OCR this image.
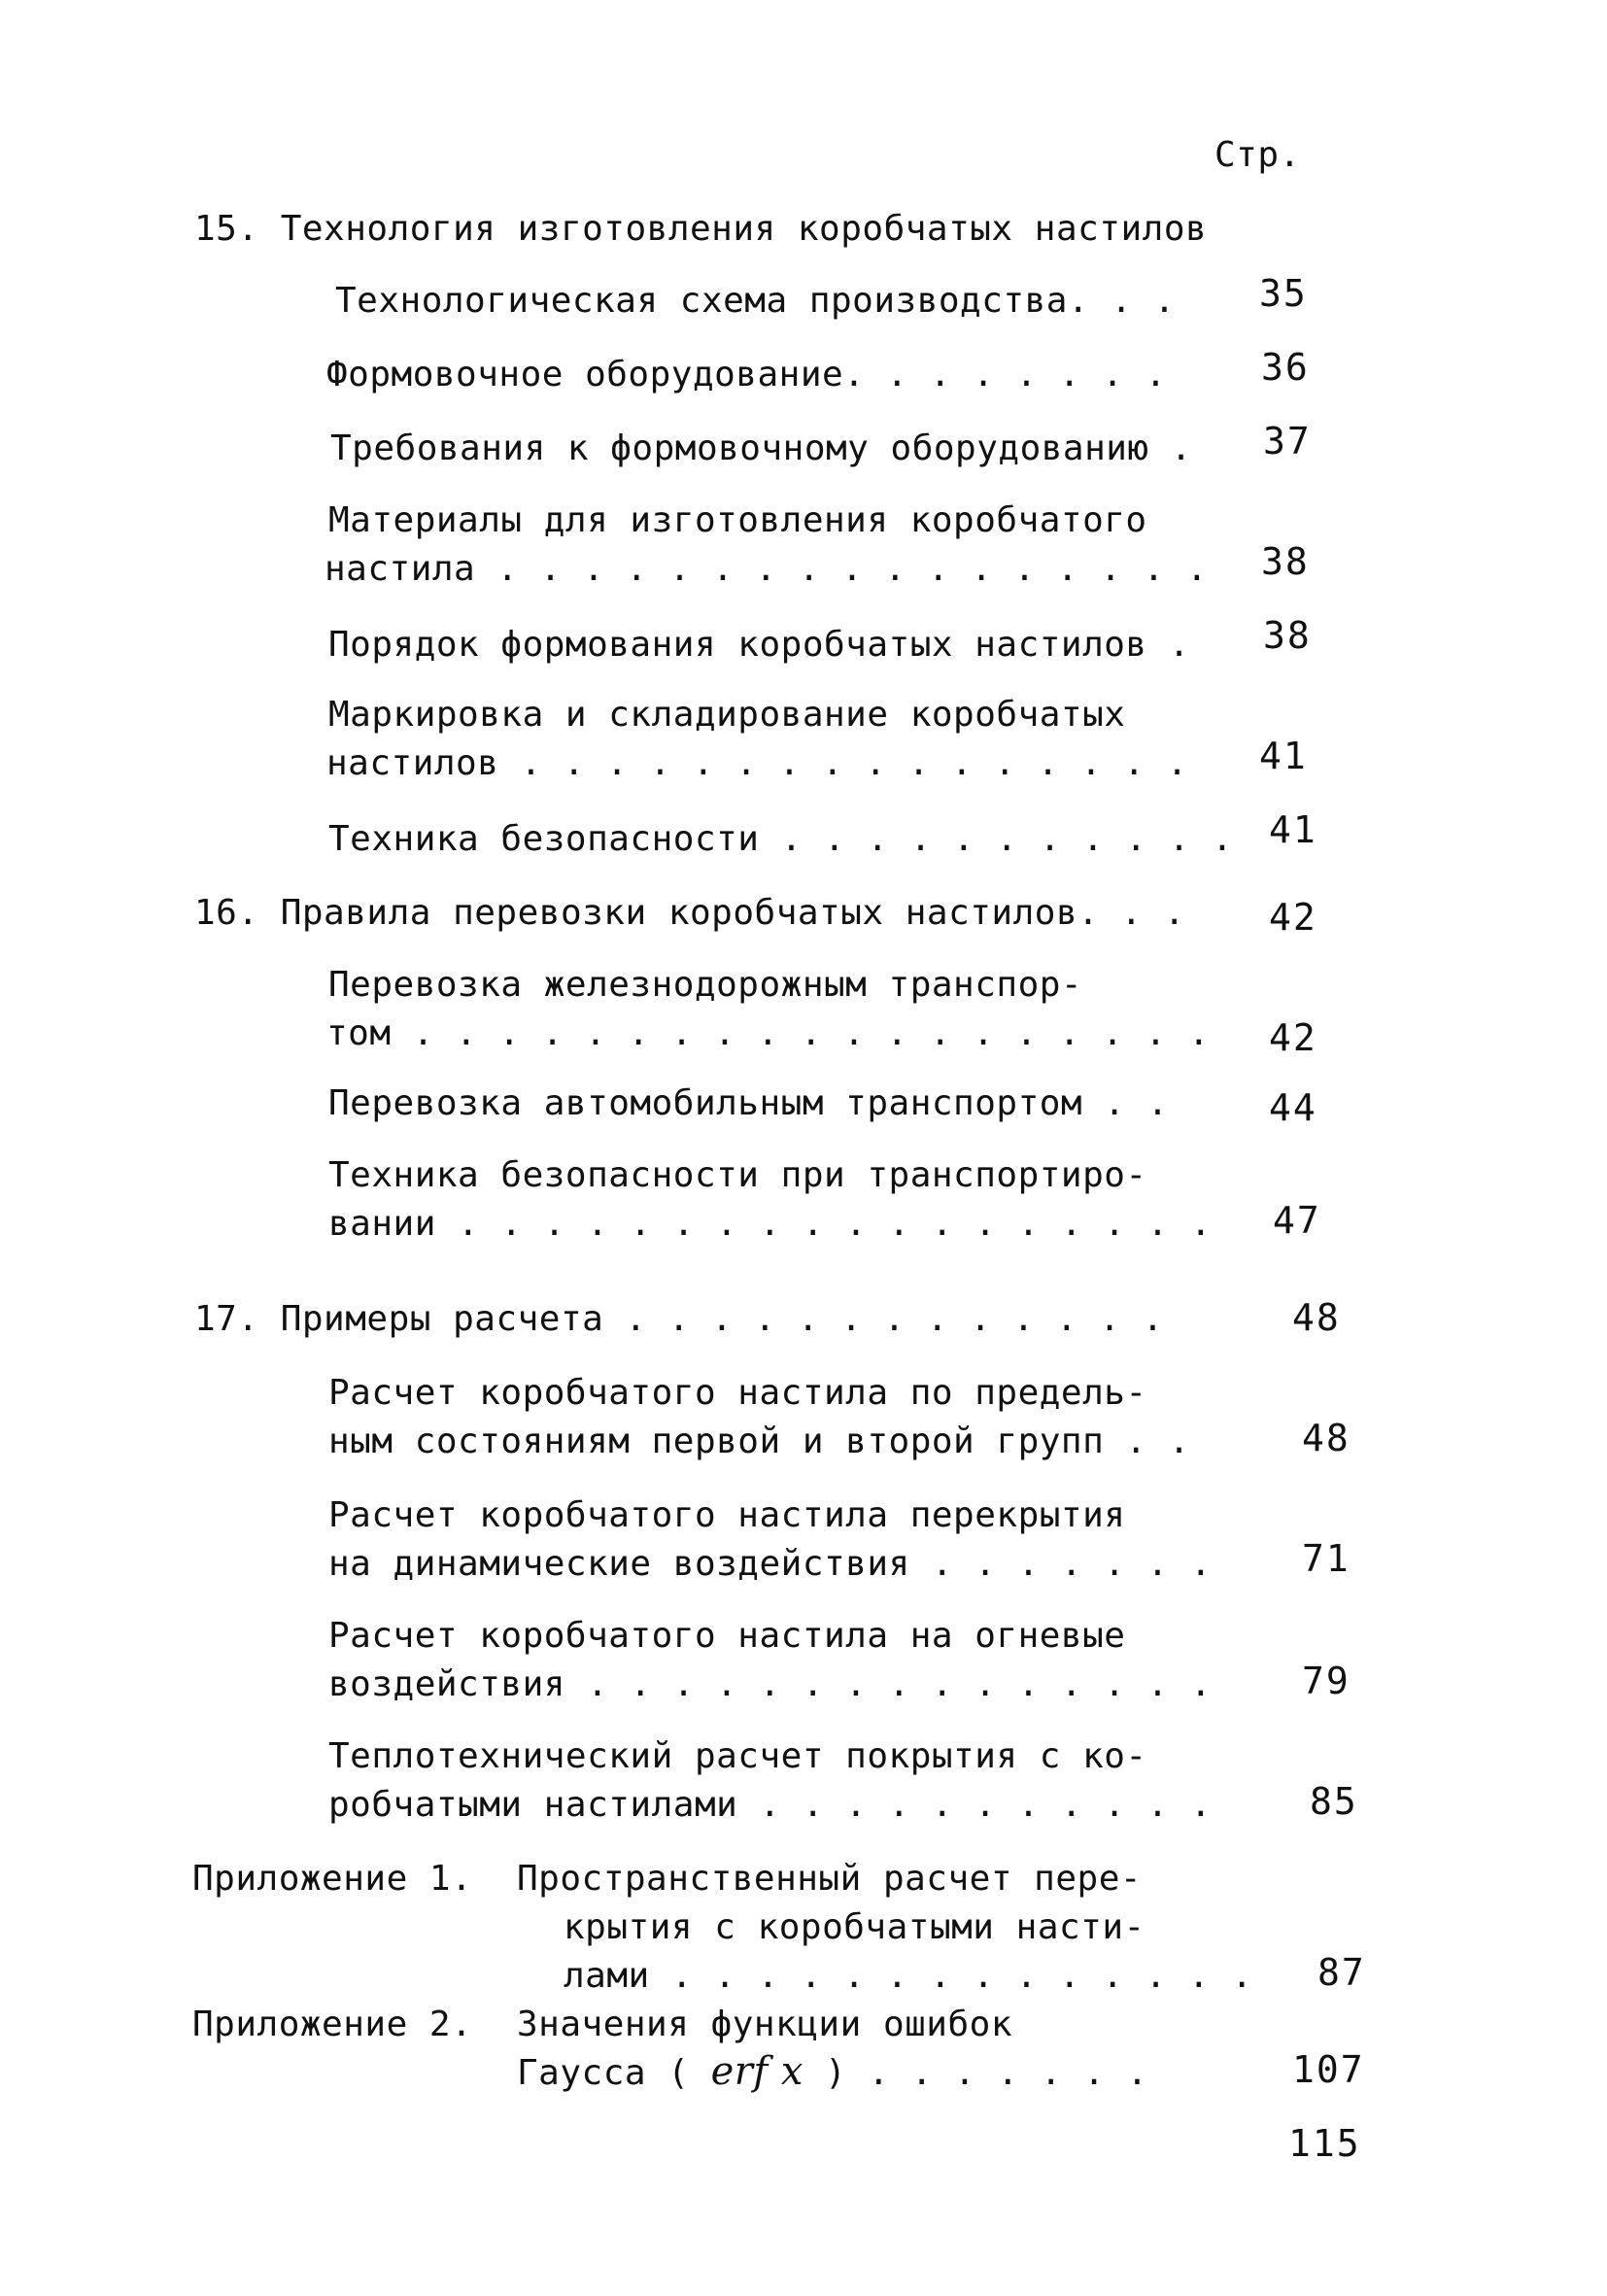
Стр.
15. Технология изготовления коробчатых настилов
Технологическая схема производства. . . 35
Формовочное оборудование. . . . . . . .	36
Требования к формовочному оборудованию . 37
Материалы для изготовления коробчатого
настила . . . . . . . . . . . . . . . . . 38
Порядок формования коробчатых настилов . 38
Маркировка и складирование коробчатых
настилов . . . . . . . . . . . . . . . . 41
Техника безопасности . . . . . . . . . . . 41
16. Правила перевозки коробчатых настилов. . . 42
Перевозка железнодорожным транспор-
том . . . . . . . . . . . . . . . . . . . 42
Перевозка автомобильным транспортом . .	44
Техника безопасности при транспортиро-
вании . . . . . . . . . . . . . . . . . . 47
17. Примеры расчета . . . . . . . . . . . . .	48
Расчет коробчатого настила по предель-
ным состояниям первой и второй групп . .	48
Расчет коробчатого настила перекрытия
на динамические воздействия . . . . . . . 71
Расчет коробчатого настила на огневые
воздействия . . . . . . . . . . . . . . . 79
Теплотехнический расчет покрытия с ко-
робчатыми настилами . . . . . . . . . . .	85
Приложение 1. Пространственный расчет пере-
крытия с коробчатыми насти-
лами . . . . . . . . . . . . . . 87
Приложение 2. Значения функции ошибок
Гаусса ( erf x ) . . . . . . .	107
115
